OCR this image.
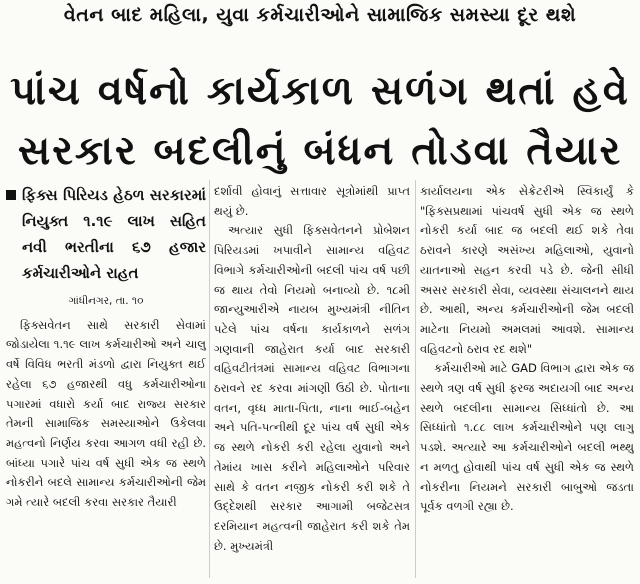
વેતન બાદ મહિલા, યુવા કર્મચારીઓને સામાજિક સમસ્યા દૂર થશે
પાંચ વર્ષનો કાર્યકાળ સળંગ થતાં હવે
સરકાર બદલીનું બંધન તોડવા તૈયાર
ફિક્સ પિરિયડ હેઠળ સરકારમાં નિયુક્ત ૧.૧૯ લાખ સહિત નવી ભરતીના ૬૭ હજાર કર્મચારીઓને રાહત
ગાંધીનગર, તા. ૧૦

ફિક્સવેતન સાથે સરકારી સેવામાં જોડાયેલા ૧.૧૯ લાખ કર્મચારીઓ અને ચાલુ વર્ષે વિવિધ ભરતી મંડળો દ્વારા નિયુક્ત થઈ રહેલા ૬૭ હજારથી વધુ કર્મચારીઓના પગારમાં વધારો કર્યા બાદ રાજ્ય સરકાર તેમની સામાજિક સમસ્યાઓને ઉકેલવા મહત્વનો નિર્ણય કરવા આગળ વધી રહી છે. બાંધ્યા પગારે પાંચ વર્ષ સુધી એક જ સ્થળે નોકરીને બદલે સામાન્ય કર્મચારીઓની જેમ ગમે ત્યારે બદલી કરવા સરકાર તૈયારી

દર્શાવી હોવાનું સત્તાવાર સૂત્રોમાંથી પ્રાપ્ત થયું છે.

અત્યાર સુધી ફિક્સવેતનને પ્રોબેશન પિરિયડમાં ખપાવીને સામાન્ય વહિવટ વિભાગે કર્મચારીઓની બદલી પાંચ વર્ષ પછી જ થાય તેવો નિયમો બનાવ્યો છે. ૧૮મી જાન્યુઆરીએ નાયબ મુખ્યમંત્રી નીતિન પટેલે પાંચ વર્ષના કાર્યકાળને સળંગ ગણવાની જાહેરાત કર્યા બાદ સરકારી વહિવટીતંત્રમાં સામાન્ય વહિવટ વિભાગના ઠરાવને રદ કરવા માંગણી ઉઠી છે. પોતાના વતન, વૃધ્ધ માતા-પિતા, નાના ભાઈ-બહેન અને પતિ-પત્નીથી દૂર પાંચ વર્ષ સુધી એક જ સ્થળે નોકરી કરી રહેલા યુવાનો અને તેમાંય ખાસ કરીને મહિલાઓને પરિવાર સાથે કે વતન નજીક નોકરી કરી શકે તે ઉદ્દેશથી સરકાર આગામી બજેટસત્ર દરમિયાન મહત્વની જાહેરાત કરી શકે તેમ છે. મુખ્યમંત્રી

કાર્યાલયના એક સેક્રેટરીએ સ્વિકાર્યું કે "ફિક્સપ્રથામાં પાંચવર્ષ સુધી એક જ સ્થળે નોકરી કર્યા બાદ જ બદલી થઈ શકે તેવા ઠરાવને કારણે અસંખ્ય મહિલાઓ, યુવાનો યાતનાઓ સહન કરવી પડે છે. જેની સીધી અસર સરકારી સેવા, વ્યવસ્થા સંચાલનને થાય છે. આથી, અન્ય કર્મચારીઓની જેમ બદલી માટેના નિયમો અમલમાં આવશે. સામાન્ય વહિવટનો ઠરાવ રદ થશે"

કર્મચારીઓ માટે GAD વિભાગ દ્વારા એક જ સ્થળે ત્રણ વર્ષ સુધી ફરજ અદાયગી બાદ અન્ય સ્થળે બદલીના સામાન્ય સિધ્ધાંતો છે. આ સિધ્ધાંતો ૧.૮૮ લાખ કર્મચારીઓને પણ લાગુ પડશે. અત્યારે આ કર્મચારીઓને બદલી ભથ્થુ ન મળતુ હોવાથી પાંચ વર્ષ સુધી એક જ સ્થળે નોકરીના નિયમને સરકારી બાબુઓ જડતા પૂર્વક વળગી રહ્યા છે.
